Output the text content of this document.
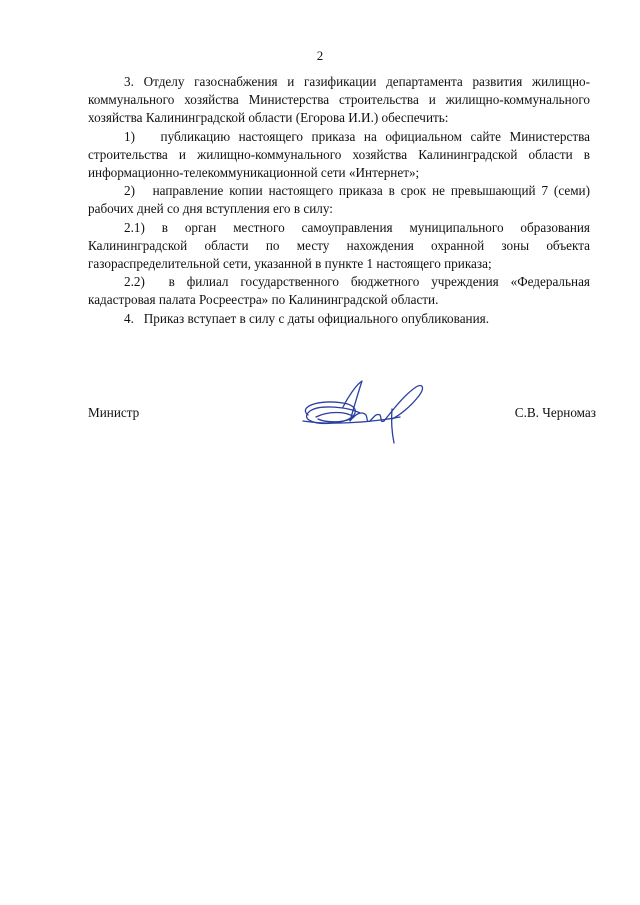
2

3. Отделу газоснабжения и газификации департамента развития жилищно-коммунального хозяйства Министерства строительства и жилищно-коммунального хозяйства Калининградской области (Егорова И.И.) обеспечить:

1)   публикацию настоящего приказа на официальном сайте Министерства строительства и жилищно-коммунального хозяйства Калининградской области в информационно-телекоммуникационной сети «Интернет»;

2)   направление копии настоящего приказа в срок не превышающий 7 (семи) рабочих дней со дня вступления его в силу:

2.1) в орган местного самоуправления муниципального образования Калининградской области по месту нахождения охранной зоны объекта газораспределительной сети, указанной в пункте 1 настоящего приказа;

2.2)  в филиал государственного бюджетного учреждения «Федеральная кадастровая палата Росреестра» по Калининградской области.

4.   Приказ вступает в силу с даты официального опубликования.

Министр	С.В. Черномаз
